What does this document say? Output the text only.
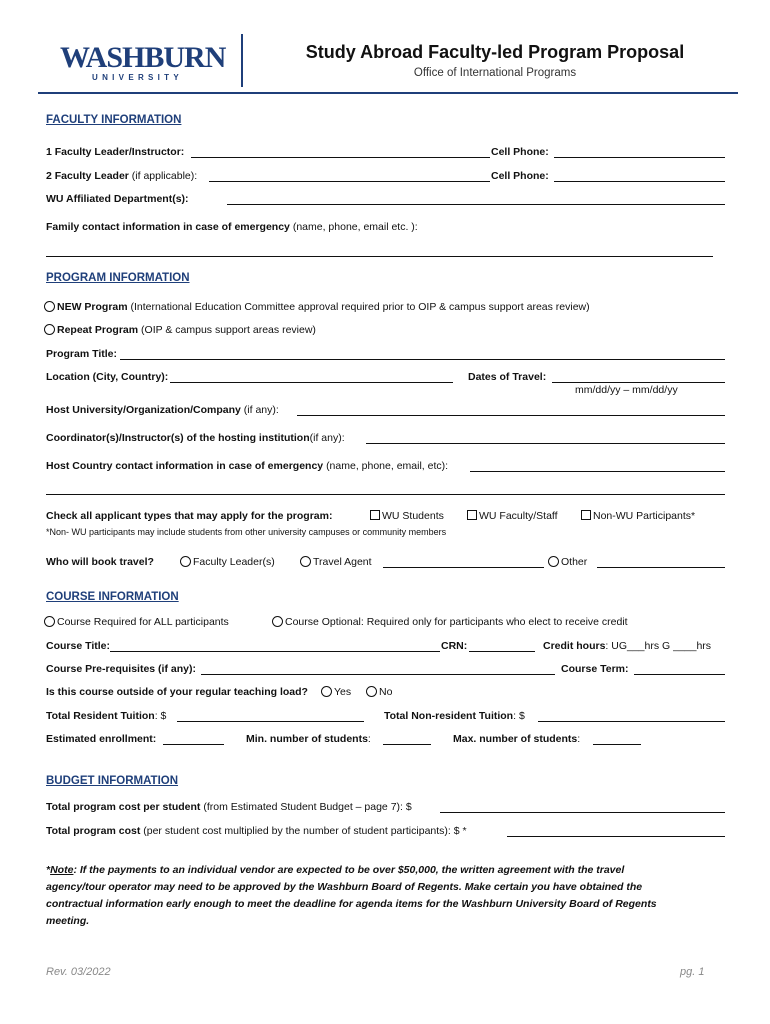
WASHBURN
UNIVERSITY
Study Abroad Faculty-led Program Proposal
Office of International Programs
FACULTY INFORMATION
1 Faculty Leader/Instructor:	Cell Phone:
2 Faculty Leader (if applicable):	Cell Phone:
WU Affiliated Department(s):
Family contact information in case of emergency (name, phone, email etc. ):
PROGRAM INFORMATION
NEW Program (International Education Committee approval required prior to OIP & campus support areas review)
Repeat Program (OIP & campus support areas review)
Program Title:
Location (City, Country):	Dates of Travel:
mm/dd/yy – mm/dd/yy
Host University/Organization/Company (if any):
Coordinator(s)/Instructor(s) of the hosting institution(if any):
Host Country contact information in case of emergency (name, phone, email, etc):
Check all applicant types that may apply for the program:	WU Students	WU Faculty/Staff	Non-WU Participants*
*Non- WU participants may include students from other university campuses or community members
Who will book travel?	Faculty Leader(s)	Travel Agent	Other
COURSE INFORMATION
Course Required for ALL participants	Course Optional: Required only for participants who elect to receive credit
Course Title:	CRN:	Credit hours: UG___hrs G ____hrs
Course Pre-requisites (if any):	Course Term:
Is this course outside of your regular teaching load?	Yes	No
Total Resident Tuition: $	Total Non-resident Tuition: $
Estimated enrollment:	Min. number of students:	Max. number of students:
BUDGET INFORMATION
Total program cost per student (from Estimated Student Budget – page 7): $
Total program cost (per student cost multiplied by the number of student participants): $ *
*Note: If the payments to an individual vendor are expected to be over $50,000, the written agreement with the travel agency/tour operator may need to be approved by the Washburn Board of Regents. Make certain you have obtained the contractual information early enough to meet the deadline for agenda items for the Washburn University Board of Regents meeting.
Rev. 03/2022	pg. 1
